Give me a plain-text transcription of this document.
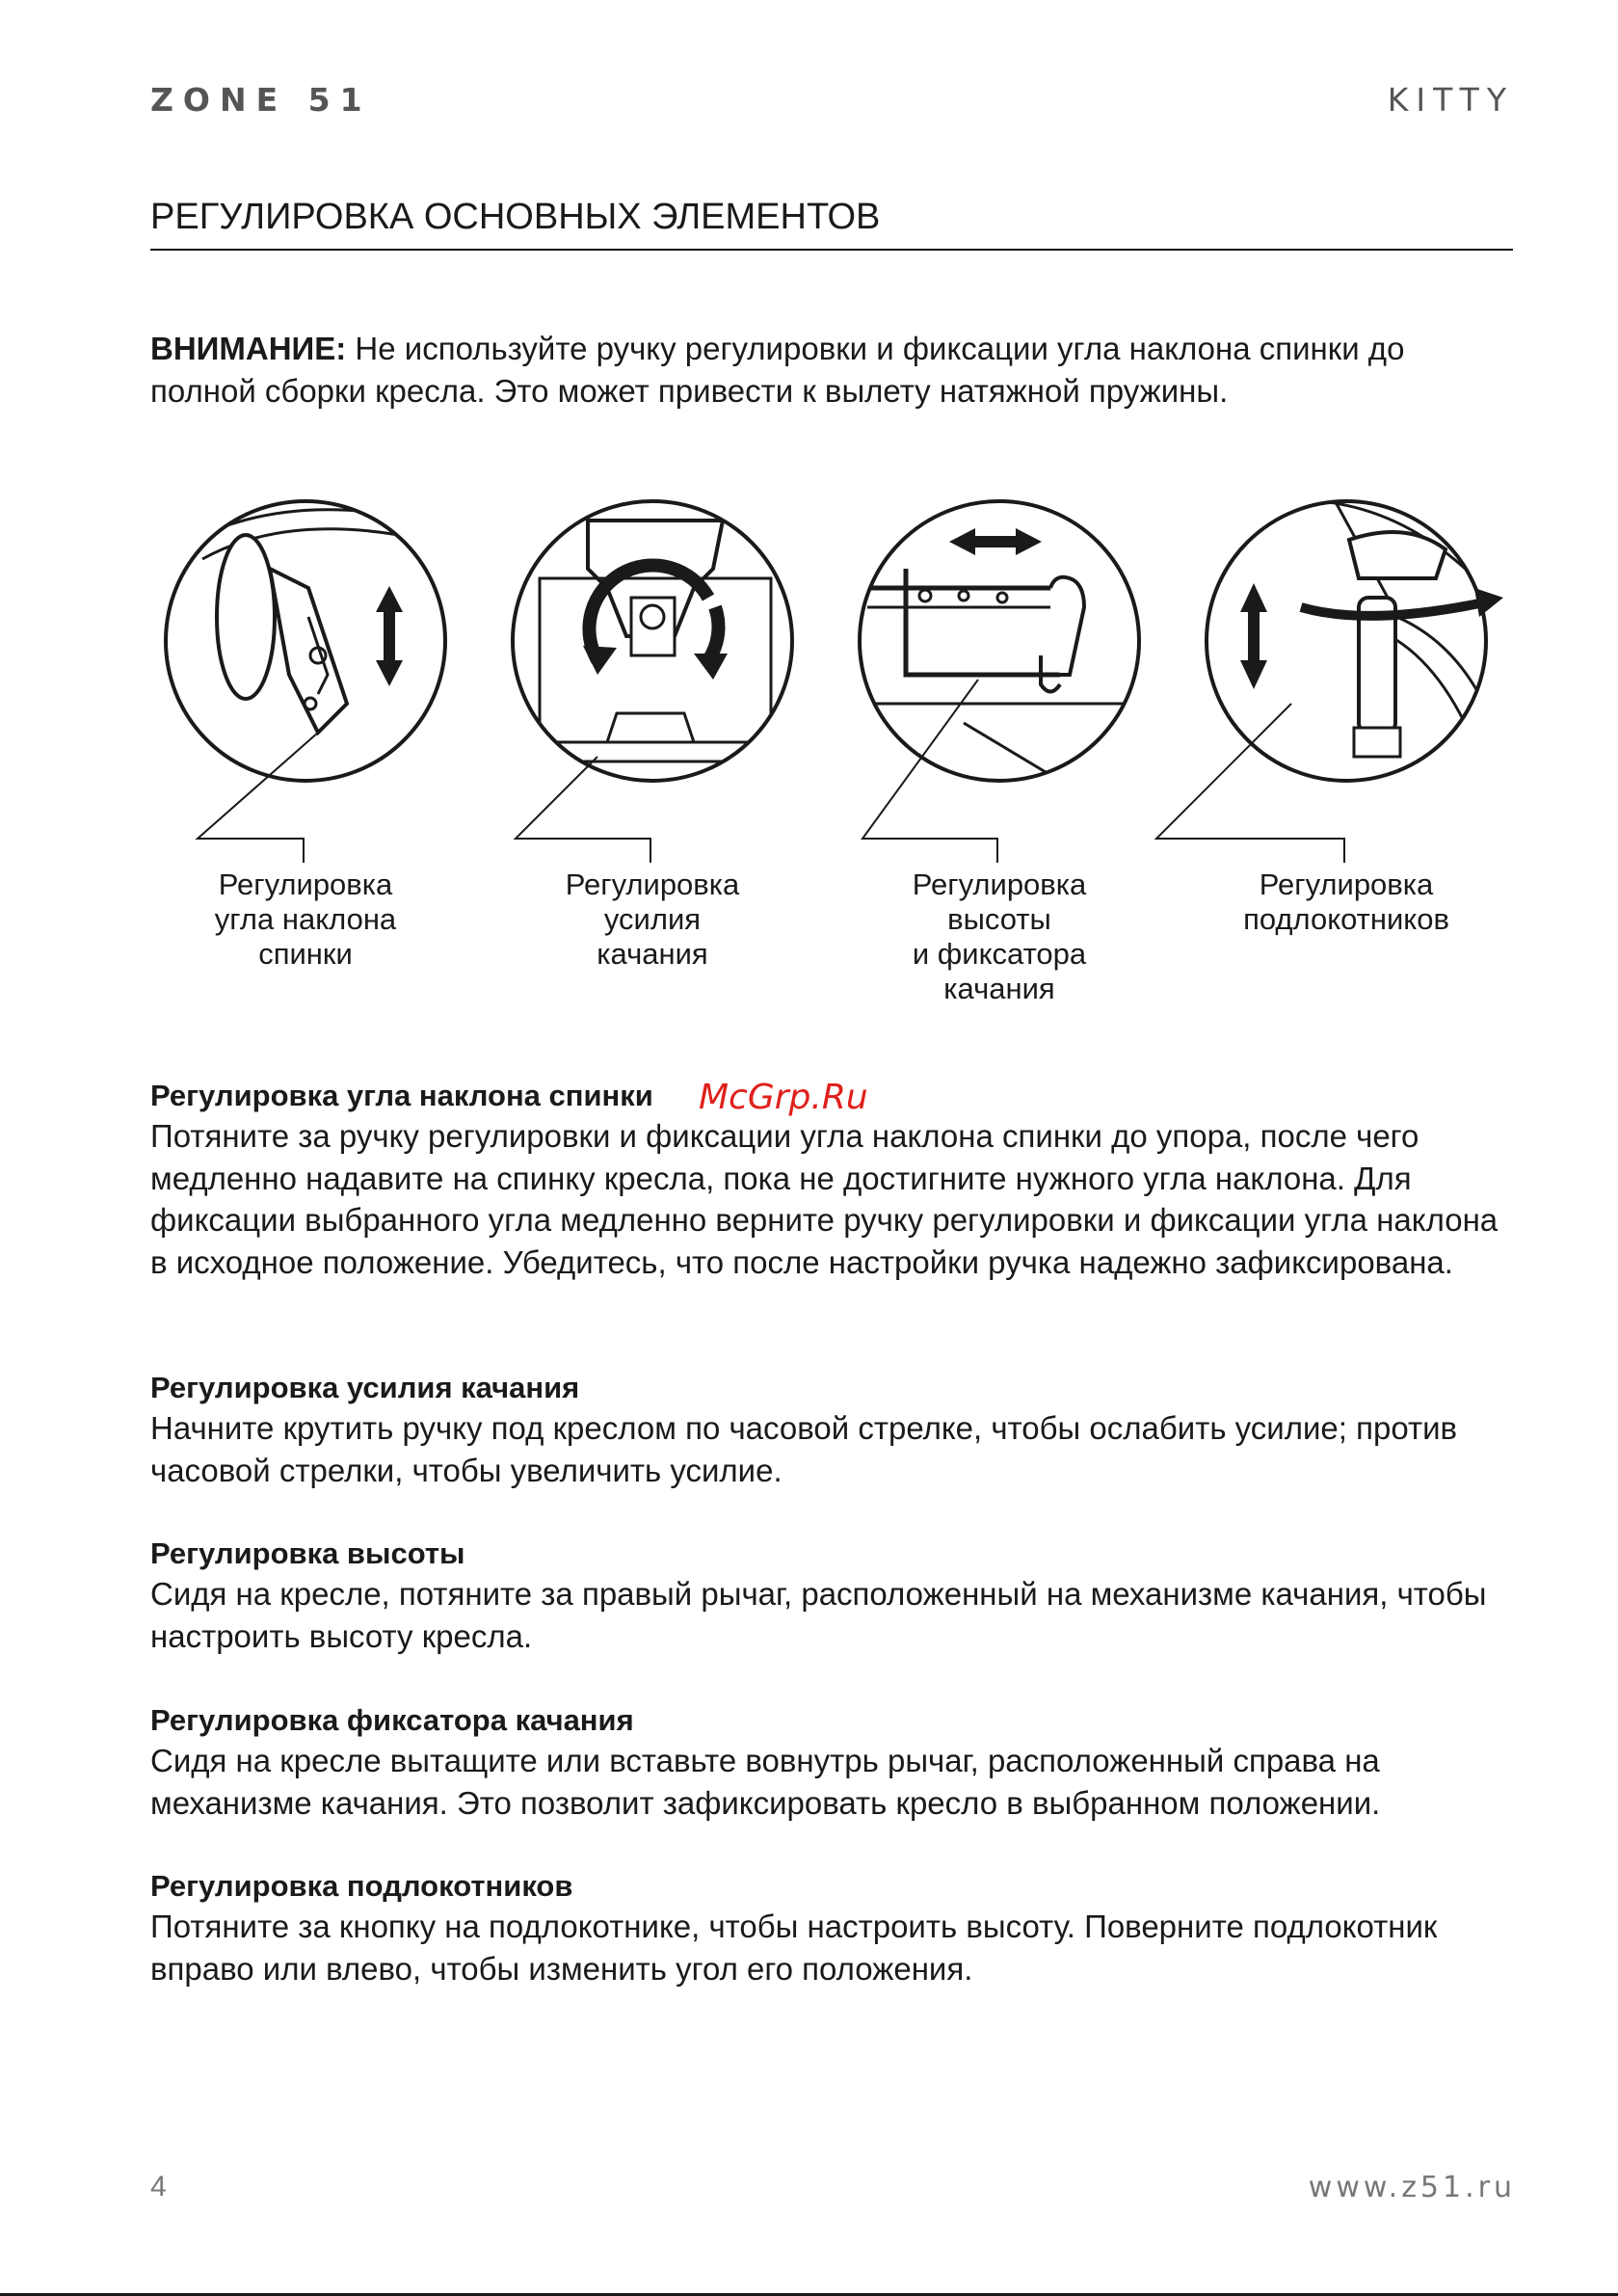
ZONE 51	KITTY
РЕГУЛИРОВКА ОСНОВНЫХ ЭЛЕМЕНТОВ
ВНИМАНИЕ: Не используйте ручку регулировки и фиксации угла наклона спинки до полной сборки кресла. Это может привести к вылету натяжной пружины.
Регулировка
угла наклона
спинки
Регулировка
усилия
качания
Регулировка
высоты
и фиксатора
качания
Регулировка
подлокотников
Регулировка угла наклона спинки

Потяните за ручку регулировки и фиксации угла наклона спинки до упора, после чего медленно надавите на спинку кресла, пока не достигните нужного угла наклона. Для фиксации выбранного угла медленно верните ручку регулировки и фиксации угла наклона в исходное положение. Убедитесь, что после настройки ручка надежно зафиксирована.

Регулировка усилия качания

Начните крутить ручку под креслом по часовой стрелке, чтобы ослабить усилие; против часовой стрелки, чтобы увеличить усилие.

Регулировка высоты

Сидя на кресле, потяните за правый рычаг, расположенный на механизме качания, чтобы настроить высоту кресла.

Регулировка фиксатора качания

Сидя на кресле вытащите или вставьте вовнутрь рычаг, расположенный справа на механизме качания. Это позволит зафиксировать кресло в выбранном положении.

Регулировка подлокотников

Потяните за кнопку на подлокотнике, чтобы настроить высоту. Поверните подлокотник вправо или влево, чтобы изменить угол его положения.

McGrp.Ru
4	www.z51.ru
